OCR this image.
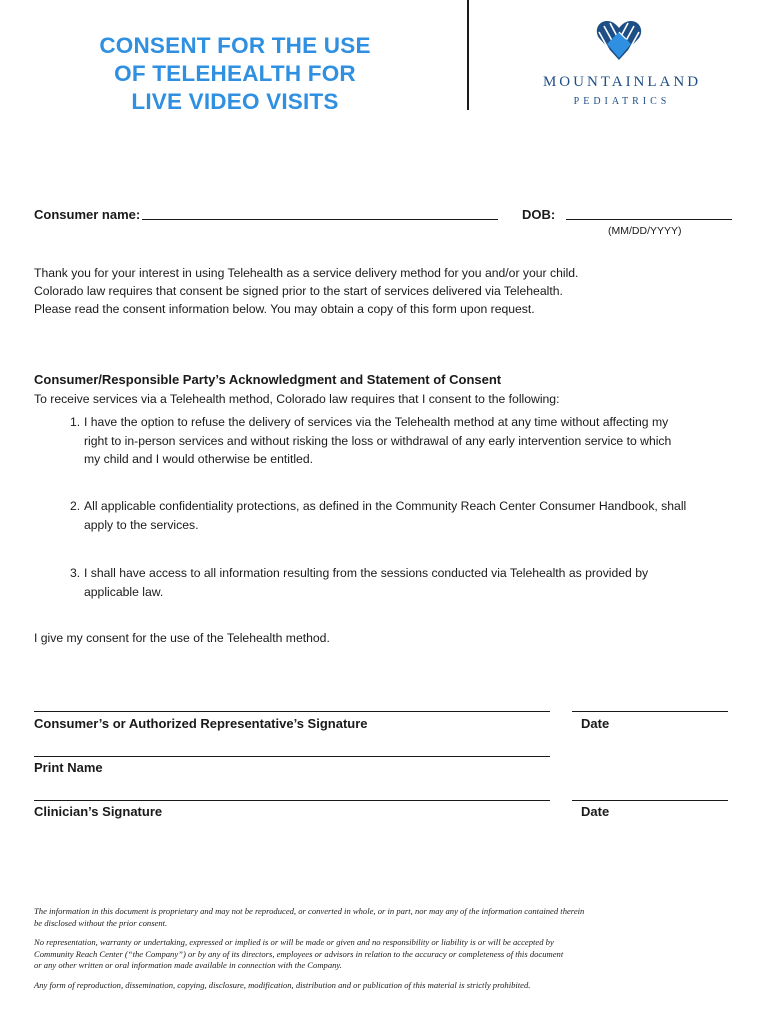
CONSENT FOR THE USE
OF TELEHEALTH FOR
LIVE VIDEO VISITS
MOUNTAINLAND
PEDIATRICS
Consumer name:	DOB:
(MM/DD/YYYY)
Thank you for your interest in using Telehealth as a service delivery method for you and/or your child.
Colorado law requires that consent be signed prior to the start of services delivered via Telehealth.
Please read the consent information below. You may obtain a copy of this form upon request.
Consumer/Responsible Party’s Acknowledgment and Statement of Consent
To receive services via a Telehealth method, Colorado law requires that I consent to the following:
1. I have the option to refuse the delivery of services via the Telehealth method at any time without affecting my
right to in-person services and without risking the loss or withdrawal of any early intervention service to which
my child and I would otherwise be entitled.
2. All applicable confidentiality protections, as defined in the Community Reach Center Consumer Handbook, shall
apply to the services.
3. I shall have access to all information resulting from the sessions conducted via Telehealth as provided by
applicable law.
I give my consent for the use of the Telehealth method.
Consumer’s or Authorized Representative’s Signature	Date
Print Name
Clinician’s Signature	Date
The information in this document is proprietary and may not be reproduced, or converted in whole, or in part, nor may any of the information contained therein
be disclosed without the prior consent.
No representation, warranty or undertaking, expressed or implied is or will be made or given and no responsibility or liability is or will be accepted by
Community Reach Center (“the Company”) or by any of its directors, employees or advisors in relation to the accuracy or completeness of this document
or any other written or oral information made available in connection with the Company.
Any form of reproduction, dissemination, copying, disclosure, modification, distribution and or publication of this material is strictly prohibited.
